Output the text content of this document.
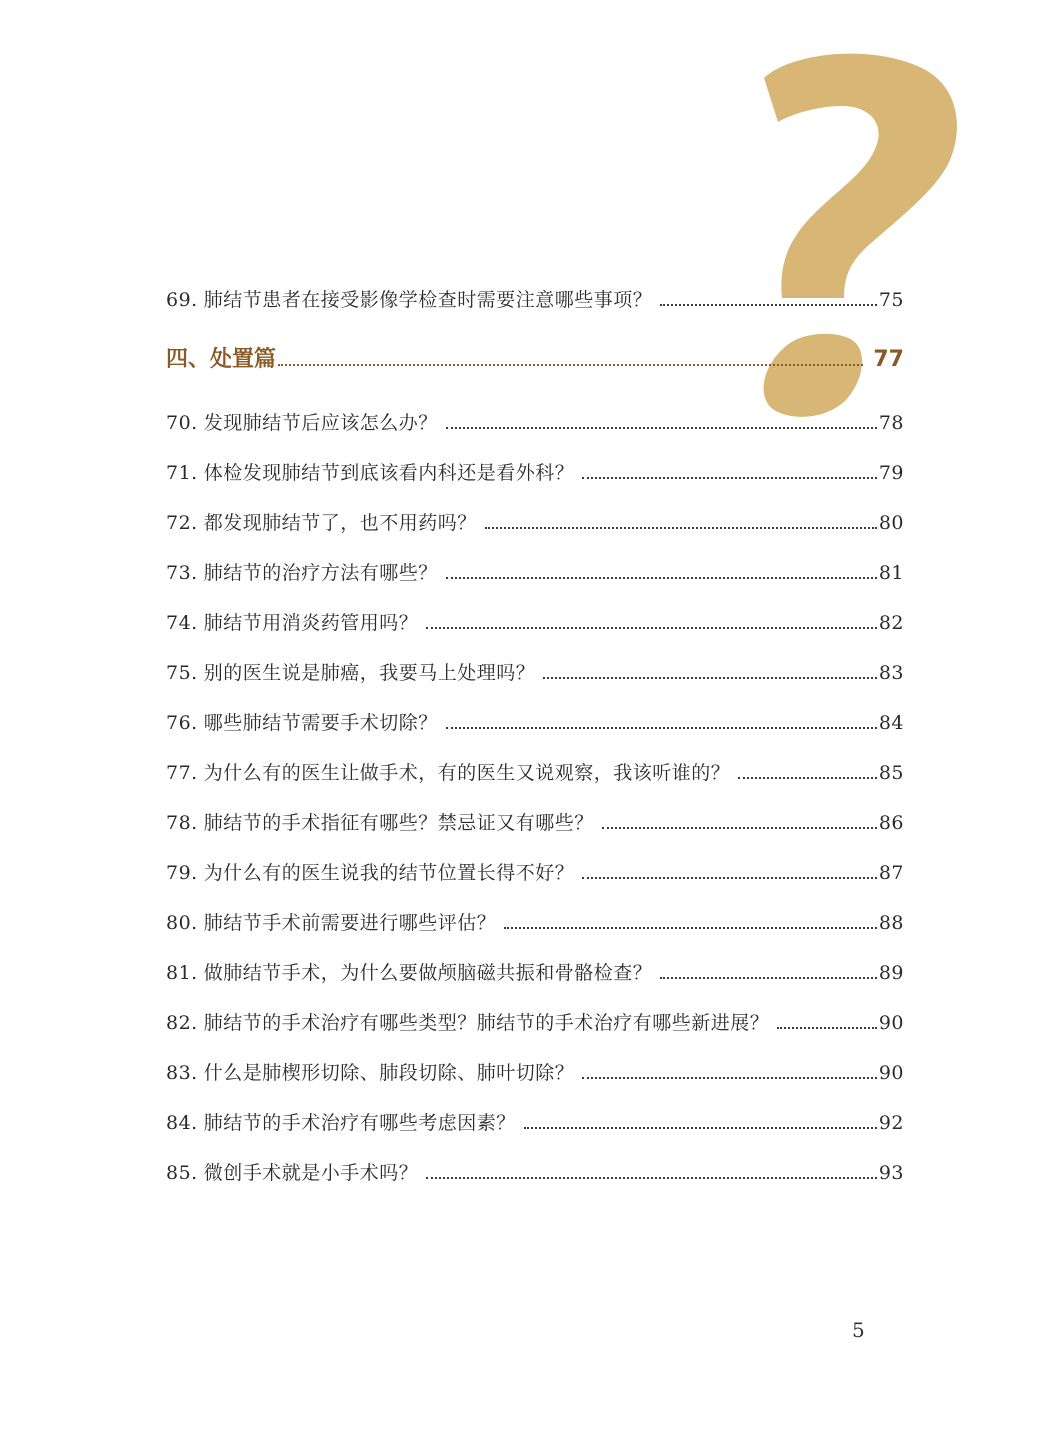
69. 肺结节患者在接受影像学检查时需要注意哪些事项？	75
四、处置篇	77
70. 发现肺结节后应该怎么办？	78
71. 体检发现肺结节到底该看内科还是看外科？	79
72. 都发现肺结节了，也不用药吗？	80
73. 肺结节的治疗方法有哪些？	81
74. 肺结节用消炎药管用吗？	82
75. 别的医生说是肺癌，我要马上处理吗？	83
76. 哪些肺结节需要手术切除？	84
77. 为什么有的医生让做手术，有的医生又说观察，我该听谁的？	85
78. 肺结节的手术指征有哪些？禁忌证又有哪些？	86
79. 为什么有的医生说我的结节位置长得不好？	87
80. 肺结节手术前需要进行哪些评估？	88
81. 做肺结节手术，为什么要做颅脑磁共振和骨骼检查？	89
82. 肺结节的手术治疗有哪些类型？肺结节的手术治疗有哪些新进展？	90
83. 什么是肺楔形切除、肺段切除、肺叶切除？	90
84. 肺结节的手术治疗有哪些考虑因素？	92
85. 微创手术就是小手术吗？	93
5
